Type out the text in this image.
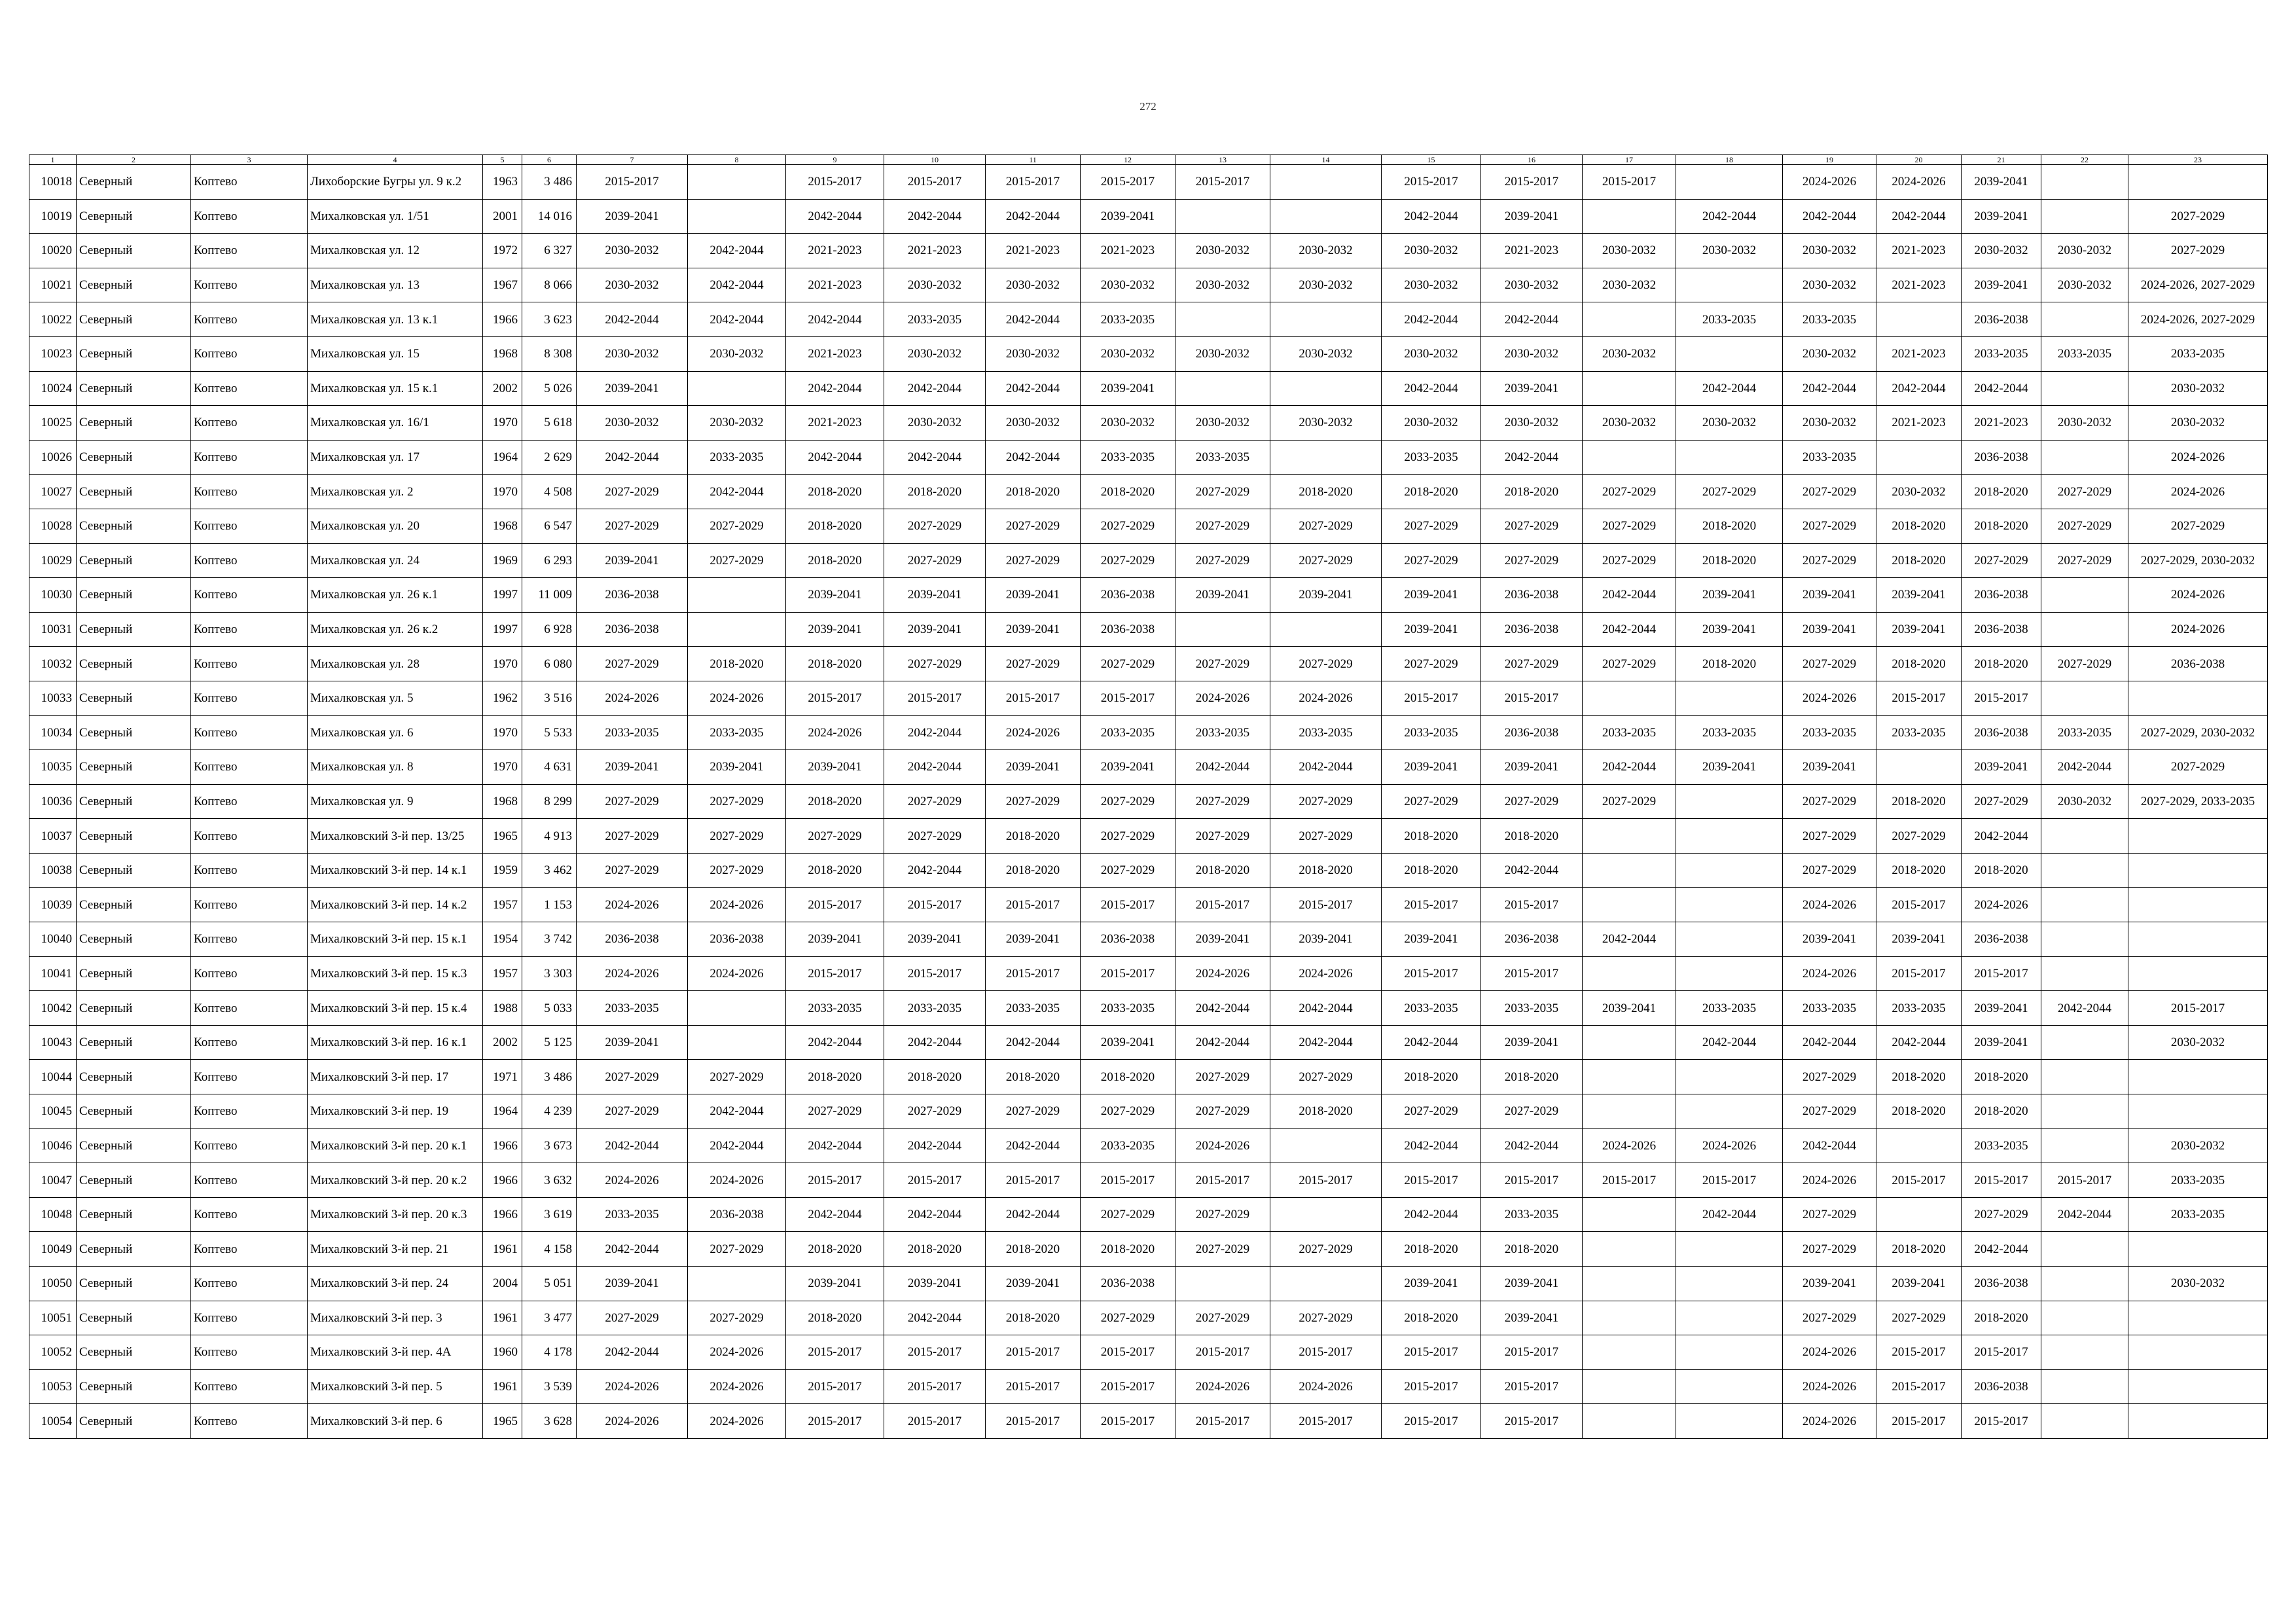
272
1	2	3	4	5	6	7	8	9	10	11	12	13	14	15	16	17	18	19	20	21	22	23
10018	Северный	Коптево	Лихоборские Бугры ул. 9 к.2	1963	3 486	2015-2017		2015-2017	2015-2017	2015-2017	2015-2017	2015-2017		2015-2017	2015-2017	2015-2017		2024-2026	2024-2026	2039-2041		
10019	Северный	Коптево	Михалковская ул. 1/51	2001	14 016	2039-2041		2042-2044	2042-2044	2042-2044	2039-2041			2042-2044	2039-2041		2042-2044	2042-2044	2042-2044	2039-2041		2027-2029
10020	Северный	Коптево	Михалковская ул. 12	1972	6 327	2030-2032	2042-2044	2021-2023	2021-2023	2021-2023	2021-2023	2030-2032	2030-2032	2030-2032	2021-2023	2030-2032	2030-2032	2030-2032	2021-2023	2030-2032	2030-2032	2027-2029
10021	Северный	Коптево	Михалковская ул. 13	1967	8 066	2030-2032	2042-2044	2021-2023	2030-2032	2030-2032	2030-2032	2030-2032	2030-2032	2030-2032	2030-2032	2030-2032		2030-2032	2021-2023	2039-2041	2030-2032	2024-2026, 2027-2029
10022	Северный	Коптево	Михалковская ул. 13 к.1	1966	3 623	2042-2044	2042-2044	2042-2044	2033-2035	2042-2044	2033-2035			2042-2044	2042-2044		2033-2035	2033-2035		2036-2038		2024-2026, 2027-2029
10023	Северный	Коптево	Михалковская ул. 15	1968	8 308	2030-2032	2030-2032	2021-2023	2030-2032	2030-2032	2030-2032	2030-2032	2030-2032	2030-2032	2030-2032	2030-2032		2030-2032	2021-2023	2033-2035	2033-2035	2033-2035
10024	Северный	Коптево	Михалковская ул. 15 к.1	2002	5 026	2039-2041		2042-2044	2042-2044	2042-2044	2039-2041			2042-2044	2039-2041		2042-2044	2042-2044	2042-2044	2042-2044		2030-2032
10025	Северный	Коптево	Михалковская ул. 16/1	1970	5 618	2030-2032	2030-2032	2021-2023	2030-2032	2030-2032	2030-2032	2030-2032	2030-2032	2030-2032	2030-2032	2030-2032	2030-2032	2030-2032	2021-2023	2021-2023	2030-2032	2030-2032
10026	Северный	Коптево	Михалковская ул. 17	1964	2 629	2042-2044	2033-2035	2042-2044	2042-2044	2042-2044	2033-2035	2033-2035		2033-2035	2042-2044			2033-2035		2036-2038		2024-2026
10027	Северный	Коптево	Михалковская ул. 2	1970	4 508	2027-2029	2042-2044	2018-2020	2018-2020	2018-2020	2018-2020	2027-2029	2018-2020	2018-2020	2018-2020	2027-2029	2027-2029	2027-2029	2030-2032	2018-2020	2027-2029	2024-2026
10028	Северный	Коптево	Михалковская ул. 20	1968	6 547	2027-2029	2027-2029	2018-2020	2027-2029	2027-2029	2027-2029	2027-2029	2027-2029	2027-2029	2027-2029	2027-2029	2018-2020	2027-2029	2018-2020	2018-2020	2027-2029	2027-2029
10029	Северный	Коптево	Михалковская ул. 24	1969	6 293	2039-2041	2027-2029	2018-2020	2027-2029	2027-2029	2027-2029	2027-2029	2027-2029	2027-2029	2027-2029	2027-2029	2018-2020	2027-2029	2018-2020	2027-2029	2027-2029	2027-2029, 2030-2032
10030	Северный	Коптево	Михалковская ул. 26 к.1	1997	11 009	2036-2038		2039-2041	2039-2041	2039-2041	2036-2038	2039-2041	2039-2041	2039-2041	2036-2038	2042-2044	2039-2041	2039-2041	2039-2041	2036-2038		2024-2026
10031	Северный	Коптево	Михалковская ул. 26 к.2	1997	6 928	2036-2038		2039-2041	2039-2041	2039-2041	2036-2038			2039-2041	2036-2038	2042-2044	2039-2041	2039-2041	2039-2041	2036-2038		2024-2026
10032	Северный	Коптево	Михалковская ул. 28	1970	6 080	2027-2029	2018-2020	2018-2020	2027-2029	2027-2029	2027-2029	2027-2029	2027-2029	2027-2029	2027-2029	2027-2029	2018-2020	2027-2029	2018-2020	2018-2020	2027-2029	2036-2038
10033	Северный	Коптево	Михалковская ул. 5	1962	3 516	2024-2026	2024-2026	2015-2017	2015-2017	2015-2017	2015-2017	2024-2026	2024-2026	2015-2017	2015-2017			2024-2026	2015-2017	2015-2017		
10034	Северный	Коптево	Михалковская ул. 6	1970	5 533	2033-2035	2033-2035	2024-2026	2042-2044	2024-2026	2033-2035	2033-2035	2033-2035	2033-2035	2036-2038	2033-2035	2033-2035	2033-2035	2033-2035	2036-2038	2033-2035	2027-2029, 2030-2032
10035	Северный	Коптево	Михалковская ул. 8	1970	4 631	2039-2041	2039-2041	2039-2041	2042-2044	2039-2041	2039-2041	2042-2044	2042-2044	2039-2041	2039-2041	2042-2044	2039-2041	2039-2041		2039-2041	2042-2044	2027-2029
10036	Северный	Коптево	Михалковская ул. 9	1968	8 299	2027-2029	2027-2029	2018-2020	2027-2029	2027-2029	2027-2029	2027-2029	2027-2029	2027-2029	2027-2029	2027-2029		2027-2029	2018-2020	2027-2029	2030-2032	2027-2029, 2033-2035
10037	Северный	Коптево	Михалковский 3-й пер. 13/25	1965	4 913	2027-2029	2027-2029	2027-2029	2027-2029	2018-2020	2027-2029	2027-2029	2027-2029	2018-2020	2018-2020			2027-2029	2027-2029	2042-2044		
10038	Северный	Коптево	Михалковский 3-й пер. 14 к.1	1959	3 462	2027-2029	2027-2029	2018-2020	2042-2044	2018-2020	2027-2029	2018-2020	2018-2020	2018-2020	2042-2044			2027-2029	2018-2020	2018-2020		
10039	Северный	Коптево	Михалковский 3-й пер. 14 к.2	1957	1 153	2024-2026	2024-2026	2015-2017	2015-2017	2015-2017	2015-2017	2015-2017	2015-2017	2015-2017	2015-2017			2024-2026	2015-2017	2024-2026		
10040	Северный	Коптево	Михалковский 3-й пер. 15 к.1	1954	3 742	2036-2038	2036-2038	2039-2041	2039-2041	2039-2041	2036-2038	2039-2041	2039-2041	2039-2041	2036-2038	2042-2044		2039-2041	2039-2041	2036-2038		
10041	Северный	Коптево	Михалковский 3-й пер. 15 к.3	1957	3 303	2024-2026	2024-2026	2015-2017	2015-2017	2015-2017	2015-2017	2024-2026	2024-2026	2015-2017	2015-2017			2024-2026	2015-2017	2015-2017		
10042	Северный	Коптево	Михалковский 3-й пер. 15 к.4	1988	5 033	2033-2035		2033-2035	2033-2035	2033-2035	2033-2035	2042-2044	2042-2044	2033-2035	2033-2035	2039-2041	2033-2035	2033-2035	2033-2035	2039-2041	2042-2044	2015-2017
10043	Северный	Коптево	Михалковский 3-й пер. 16 к.1	2002	5 125	2039-2041		2042-2044	2042-2044	2042-2044	2039-2041	2042-2044	2042-2044	2042-2044	2039-2041		2042-2044	2042-2044	2042-2044	2039-2041		2030-2032
10044	Северный	Коптево	Михалковский 3-й пер. 17	1971	3 486	2027-2029	2027-2029	2018-2020	2018-2020	2018-2020	2018-2020	2027-2029	2027-2029	2018-2020	2018-2020			2027-2029	2018-2020	2018-2020		
10045	Северный	Коптево	Михалковский 3-й пер. 19	1964	4 239	2027-2029	2042-2044	2027-2029	2027-2029	2027-2029	2027-2029	2027-2029	2018-2020	2027-2029	2027-2029			2027-2029	2018-2020	2018-2020		
10046	Северный	Коптево	Михалковский 3-й пер. 20 к.1	1966	3 673	2042-2044	2042-2044	2042-2044	2042-2044	2042-2044	2033-2035	2024-2026		2042-2044	2042-2044	2024-2026	2024-2026	2042-2044		2033-2035		2030-2032
10047	Северный	Коптево	Михалковский 3-й пер. 20 к.2	1966	3 632	2024-2026	2024-2026	2015-2017	2015-2017	2015-2017	2015-2017	2015-2017	2015-2017	2015-2017	2015-2017	2015-2017	2015-2017	2024-2026	2015-2017	2015-2017	2015-2017	2033-2035
10048	Северный	Коптево	Михалковский 3-й пер. 20 к.3	1966	3 619	2033-2035	2036-2038	2042-2044	2042-2044	2042-2044	2027-2029	2027-2029		2042-2044	2033-2035		2042-2044	2027-2029		2027-2029	2042-2044	2033-2035
10049	Северный	Коптево	Михалковский 3-й пер. 21	1961	4 158	2042-2044	2027-2029	2018-2020	2018-2020	2018-2020	2018-2020	2027-2029	2027-2029	2018-2020	2018-2020			2027-2029	2018-2020	2042-2044		
10050	Северный	Коптево	Михалковский 3-й пер. 24	2004	5 051	2039-2041		2039-2041	2039-2041	2039-2041	2036-2038			2039-2041	2039-2041			2039-2041	2039-2041	2036-2038		2030-2032
10051	Северный	Коптево	Михалковский 3-й пер. 3	1961	3 477	2027-2029	2027-2029	2018-2020	2042-2044	2018-2020	2027-2029	2027-2029	2027-2029	2018-2020	2039-2041			2027-2029	2027-2029	2018-2020		
10052	Северный	Коптево	Михалковский 3-й пер. 4А	1960	4 178	2042-2044	2024-2026	2015-2017	2015-2017	2015-2017	2015-2017	2015-2017	2015-2017	2015-2017	2015-2017			2024-2026	2015-2017	2015-2017		
10053	Северный	Коптево	Михалковский 3-й пер. 5	1961	3 539	2024-2026	2024-2026	2015-2017	2015-2017	2015-2017	2015-2017	2024-2026	2024-2026	2015-2017	2015-2017			2024-2026	2015-2017	2036-2038		
10054	Северный	Коптево	Михалковский 3-й пер. 6	1965	3 628	2024-2026	2024-2026	2015-2017	2015-2017	2015-2017	2015-2017	2015-2017	2015-2017	2015-2017	2015-2017			2024-2026	2015-2017	2015-2017		
